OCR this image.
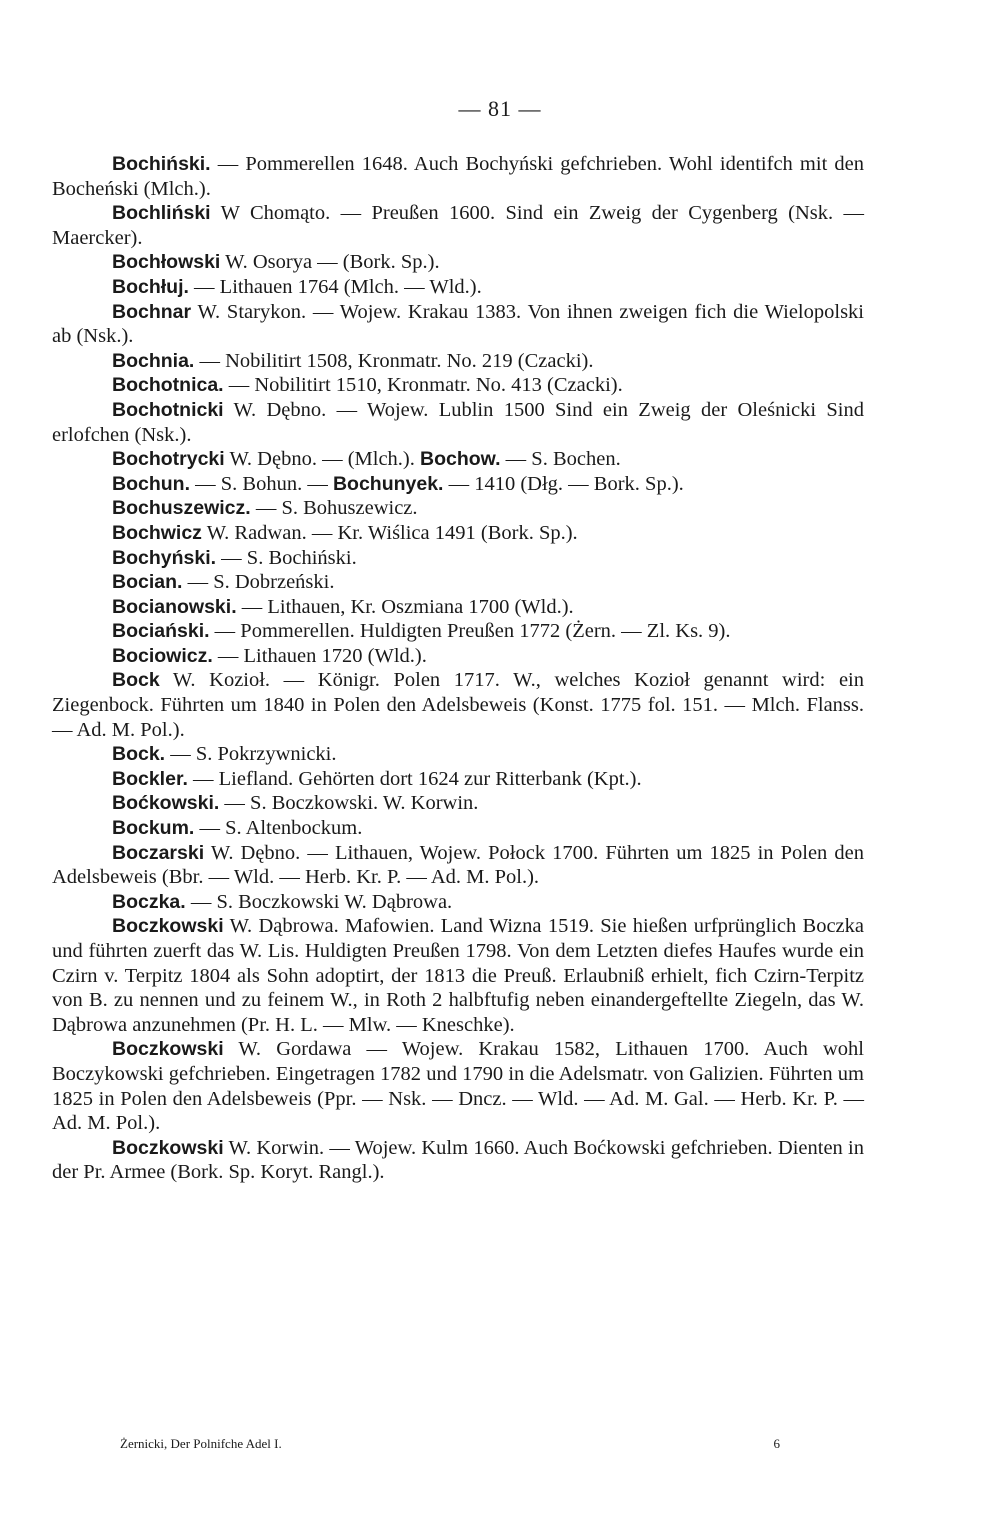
— 81 —

Bochiński. — Pommerellen 1648. Auch Bochyński gefchrieben. Wohl identifch mit den Bocheński (Mlch.).

Bochliński W Chomąto. — Preußen 1600. Sind ein Zweig der Cygenberg (Nsk. — Maercker).

Bochłowski W. Osorya — (Bork. Sp.).

Bochłuj. — Lithauen 1764 (Mlch. — Wld.).

Bochnar W. Starykon. — Wojew. Krakau 1383. Von ihnen zweigen fich die Wielopolski ab (Nsk.).

Bochnia. — Nobilitirt 1508, Kronmatr. No. 219 (Czacki).

Bochotnica. — Nobilitirt 1510, Kronmatr. No. 413 (Czacki).

Bochotnicki W. Dębno. — Wojew. Lublin 1500 Sind ein Zweig der Oleśnicki Sind erlofchen (Nsk.).

Bochotrycki W. Dębno. — (Mlch.). Bochow. — S. Bochen.

Bochun. — S. Bohun. — Bochunyek. — 1410 (Dłg. — Bork. Sp.).

Bochuszewicz. — S. Bohuszewicz.

Bochwicz W. Radwan. — Kr. Wiślica 1491 (Bork. Sp.).

Bochyński. — S. Bochiński.

Bocian. — S. Dobrzeński.

Bocianowski. — Lithauen, Kr. Oszmiana 1700 (Wld.).

Bociański. — Pommerellen. Huldigten Preußen 1772 (Żern. — Zl. Ks. 9).

Bociowicz. — Lithauen 1720 (Wld.).

Bock W. Kozioł. — Königr. Polen 1717. W., welches Kozioł genannt wird: ein Ziegenbock. Führten um 1840 in Polen den Adelsbeweis (Konst. 1775 fol. 151. — Mlch. Flanss. — Ad. M. Pol.).

Bock. — S. Pokrzywnicki.

Bockler. — Liefland. Gehörten dort 1624 zur Ritterbank (Kpt.).

Boćkowski. — S. Boczkowski. W. Korwin.

Bockum. — S. Altenbockum.

Boczarski W. Dębno. — Lithauen, Wojew. Połock 1700. Führten um 1825 in Polen den Adelsbeweis (Bbr. — Wld. — Herb. Kr. P. — Ad. M. Pol.).

Boczka. — S. Boczkowski W. Dąbrowa.

Boczkowski W. Dąbrowa. Mafowien. Land Wizna 1519. Sie hießen urfprünglich Boczka und führten zuerft das W. Lis. Huldigten Preußen 1798. Von dem Letzten diefes Haufes wurde ein Czirn v. Terpitz 1804 als Sohn adoptirt, der 1813 die Preuß. Erlaubniß erhielt, fich Czirn-Terpitz von B. zu nennen und zu feinem W., in Roth 2 halbftufig neben einandergeftellte Ziegeln, das W. Dąbrowa anzunehmen (Pr. H. L. — Mlw. — Kneschke).

Boczkowski W. Gordawa — Wojew. Krakau 1582, Lithauen 1700. Auch wohl Boczykowski gefchrieben. Eingetragen 1782 und 1790 in die Adelsmatr. von Galizien. Führten um 1825 in Polen den Adelsbeweis (Ppr. — Nsk. — Dncz. — Wld. — Ad. M. Gal. — Herb. Kr. P. — Ad. M. Pol.).

Boczkowski W. Korwin. — Wojew. Kulm 1660. Auch Boćkowski gefchrieben. Dienten in der Pr. Armee (Bork. Sp. Koryt. Rangl.).

Żernicki, Der Polnifche Adel I.	6
